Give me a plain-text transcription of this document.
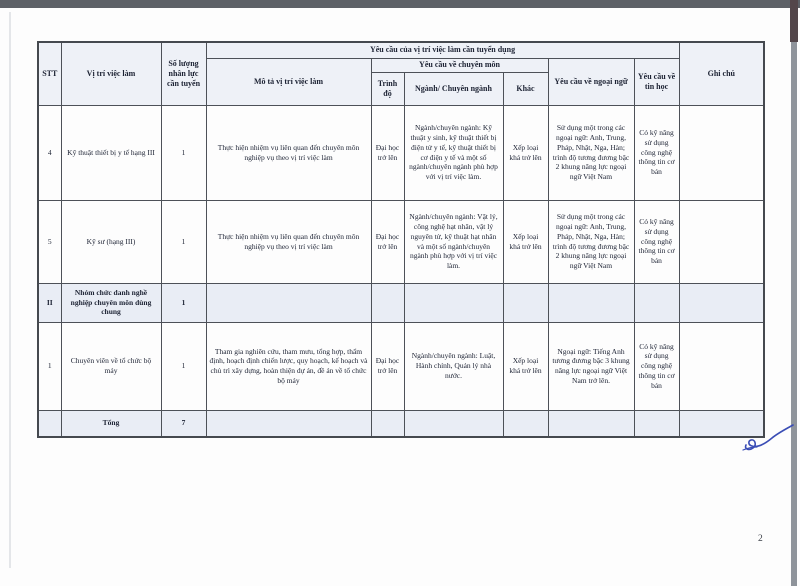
STT	Vị trí việc làm	Số lượng nhân lực cần tuyển	Yêu cầu của vị trí việc làm cần tuyển dụng						Ghi chú
			Mô tả vị trí việc làm	Yêu cầu về chuyên môn			Yêu cầu về ngoại ngữ	Yêu cầu về tin học	
				Trình độ	Ngành/ Chuyên ngành	Khác			
4	Kỹ thuật thiết bị y tế hạng III	1	Thực hiện nhiệm vụ liên quan đến chuyên môn nghiệp vụ theo vị trí việc làm	Đại học trở lên	Ngành/chuyên ngành: Kỹ thuật y sinh, kỹ thuật thiết bị điện tử y tế, kỹ thuật thiết bị cơ điện y tế và một số ngành/chuyên ngành phù hợp với vị trí việc làm.	Xếp loại khá trở lên	Sử dụng một trong các ngoại ngữ: Anh, Trung, Pháp, Nhật, Nga, Hàn; trình độ tương đương bậc 2 khung năng lực ngoại ngữ Việt Nam	Có kỹ năng sử dụng công nghệ thông tin cơ bản	
5	Kỹ sư (hạng III)	1	Thực hiện nhiệm vụ liên quan đến chuyên môn nghiệp vụ theo vị trí việc làm	Đại học trở lên	Ngành/chuyên ngành: Vật lý, công nghệ hạt nhân, vật lý nguyên tử, kỹ thuật hạt nhân và một số ngành/chuyên ngành phù hợp với vị trí việc làm.	Xếp loại khá trở lên	Sử dụng một trong các ngoại ngữ: Anh, Trung, Pháp, Nhật, Nga, Hàn; trình độ tương đương bậc 2 khung năng lực ngoại ngữ Việt Nam	Có kỹ năng sử dụng công nghệ thông tin cơ bản	
II	Nhóm chức danh nghề nghiệp chuyên môn dùng chung	1							
1	Chuyên viên về tổ chức bộ máy	1	Tham gia nghiên cứu, tham mưu, tổng hợp, thẩm định, hoạch định chiến lược, quy hoạch, kế hoạch và chủ trì xây dựng, hoàn thiện dự án, đề án về tổ chức bộ máy	Đại học trở lên	Ngành/chuyên ngành: Luật, Hành chính, Quản lý nhà nước.	Xếp loại khá trở lên	Ngoại ngữ: Tiếng Anh tương đương bậc 3 khung năng lực ngoại ngữ Việt Nam trở lên.	Có kỹ năng sử dụng công nghệ thông tin cơ bản	
	Tổng	7							
2
